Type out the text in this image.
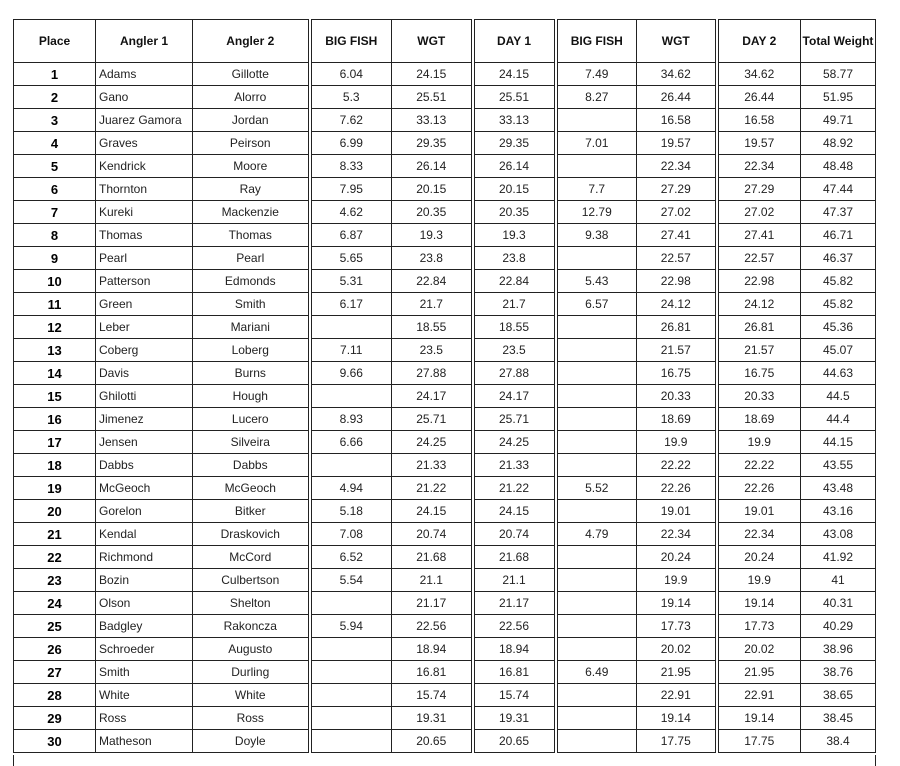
Place	Angler 1	Angler 2	BIG FISH	WGT	DAY 1	BIG FISH	WGT	DAY 2	Total Weight
1	Adams	Gillotte	6.04	24.15	24.15	7.49	34.62	34.62	58.77
2	Gano	Alorro	5.3	25.51	25.51	8.27	26.44	26.44	51.95
3	Juarez Gamora	Jordan	7.62	33.13	33.13		16.58	16.58	49.71
4	Graves	Peirson	6.99	29.35	29.35	7.01	19.57	19.57	48.92
5	Kendrick	Moore	8.33	26.14	26.14		22.34	22.34	48.48
6	Thornton	Ray	7.95	20.15	20.15	7.7	27.29	27.29	47.44
7	Kureki	Mackenzie	4.62	20.35	20.35	12.79	27.02	27.02	47.37
8	Thomas	Thomas	6.87	19.3	19.3	9.38	27.41	27.41	46.71
9	Pearl	Pearl	5.65	23.8	23.8		22.57	22.57	46.37
10	Patterson	Edmonds	5.31	22.84	22.84	5.43	22.98	22.98	45.82
11	Green	Smith	6.17	21.7	21.7	6.57	24.12	24.12	45.82
12	Leber	Mariani		18.55	18.55		26.81	26.81	45.36
13	Coberg	Loberg	7.11	23.5	23.5		21.57	21.57	45.07
14	Davis	Burns	9.66	27.88	27.88		16.75	16.75	44.63
15	Ghilotti	Hough		24.17	24.17		20.33	20.33	44.5
16	Jimenez	Lucero	8.93	25.71	25.71		18.69	18.69	44.4
17	Jensen	Silveira	6.66	24.25	24.25		19.9	19.9	44.15
18	Dabbs	Dabbs		21.33	21.33		22.22	22.22	43.55
19	McGeoch	McGeoch	4.94	21.22	21.22	5.52	22.26	22.26	43.48
20	Gorelon	Bitker	5.18	24.15	24.15		19.01	19.01	43.16
21	Kendal	Draskovich	7.08	20.74	20.74	4.79	22.34	22.34	43.08
22	Richmond	McCord	6.52	21.68	21.68		20.24	20.24	41.92
23	Bozin	Culbertson	5.54	21.1	21.1		19.9	19.9	41
24	Olson	Shelton		21.17	21.17		19.14	19.14	40.31
25	Badgley	Rakoncza	5.94	22.56	22.56		17.73	17.73	40.29
26	Schroeder	Augusto		18.94	18.94		20.02	20.02	38.96
27	Smith	Durling		16.81	16.81	6.49	21.95	21.95	38.76
28	White	White		15.74	15.74		22.91	22.91	38.65
29	Ross	Ross		19.31	19.31		19.14	19.14	38.45
30	Matheson	Doyle		20.65	20.65		17.75	17.75	38.4
